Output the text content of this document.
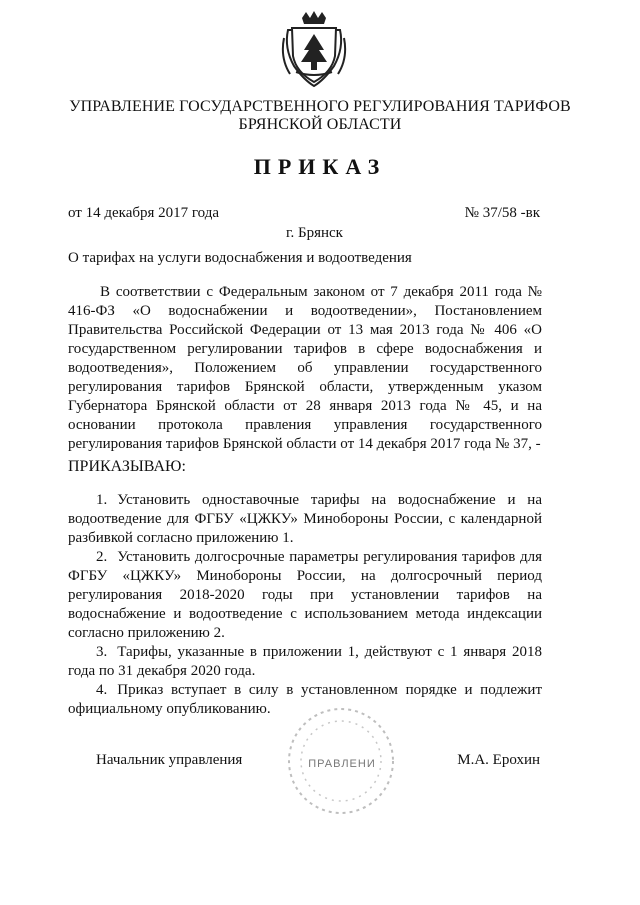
УПРАВЛЕНИЕ ГОСУДАРСТВЕННОГО РЕГУЛИРОВАНИЯ ТАРИФОВ
БРЯНСКОЙ ОБЛАСТИ
ПРИКАЗ
от 14 декабря 2017 года	№ 37/58 -вк
г. Брянск
О тарифах на услуги водоснабжения и водоотведения
В соответствии с Федеральным законом от 7 декабря 2011 года № 416-ФЗ «О водоснабжении и водоотведении», Постановлением Правительства Российской Федерации от 13 мая 2013 года № 406 «О государственном регулировании тарифов в сфере водоснабжения и водоотведения», Положением об управлении государственного регулирования тарифов Брянской области, утвержденным указом Губернатора Брянской области от 28 января 2013 года № 45, и на основании протокола правления управления государственного регулирования тарифов Брянской области от 14 декабря 2017 года № 37, -
ПРИКАЗЫВАЮ:

1. Установить одноставочные тарифы на водоснабжение и на водоотведение для ФГБУ «ЦЖКУ» Минобороны России, с календарной разбивкой согласно приложению 1.

2. Установить долгосрочные параметры регулирования тарифов для ФГБУ «ЦЖКУ» Минобороны России, на долгосрочный период регулирования 2018-2020 годы при установлении тарифов на водоснабжение и водоотведение с использованием метода индексации согласно приложению 2.

3. Тарифы, указанные в приложении 1, действуют с 1 января 2018 года по 31 декабря 2020 года.

4. Приказ вступает в силу в установленном порядке и подлежит официальному опубликованию.

Начальник управления	ПРАВЛЕНИ	М.А. Ерохин
